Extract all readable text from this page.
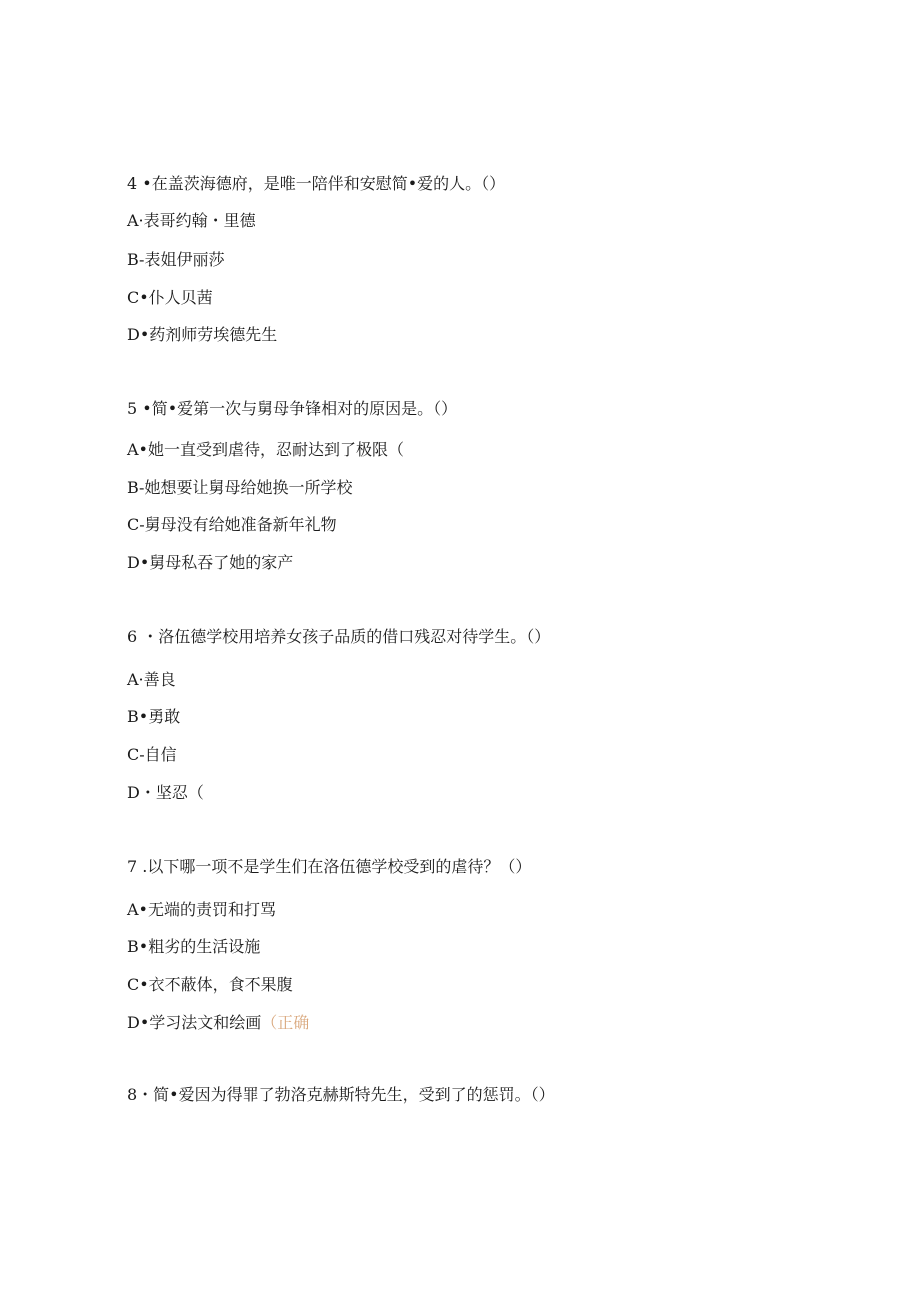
4 •在盖茨海德府，是唯一陪伴和安慰简•爱的人。（）
A·表哥约翰・里德
B-表姐伊丽莎
C•仆人贝茜
D•药剂师劳埃德先生
5 •简•爱第一次与舅母争锋相对的原因是。（）
A•她一直受到虐待，忍耐达到了极限（
B-她想要让舅母给她换一所学校
C-舅母没有给她准备新年礼物
D•舅母私吞了她的家产
6 ・洛伍德学校用培养女孩子品质的借口残忍对待学生。（）
A·善良
B•勇敢
C-自信
D・坚忍（
7 .以下哪一项不是学生们在洛伍德学校受到的虐待？（）
A•无端的责罚和打骂
B•粗劣的生活设施
C•衣不蔽体，食不果腹
D•学习法文和绘画（正确
8・简•爱因为得罪了勃洛克赫斯特先生，受到了的惩罚。（）
